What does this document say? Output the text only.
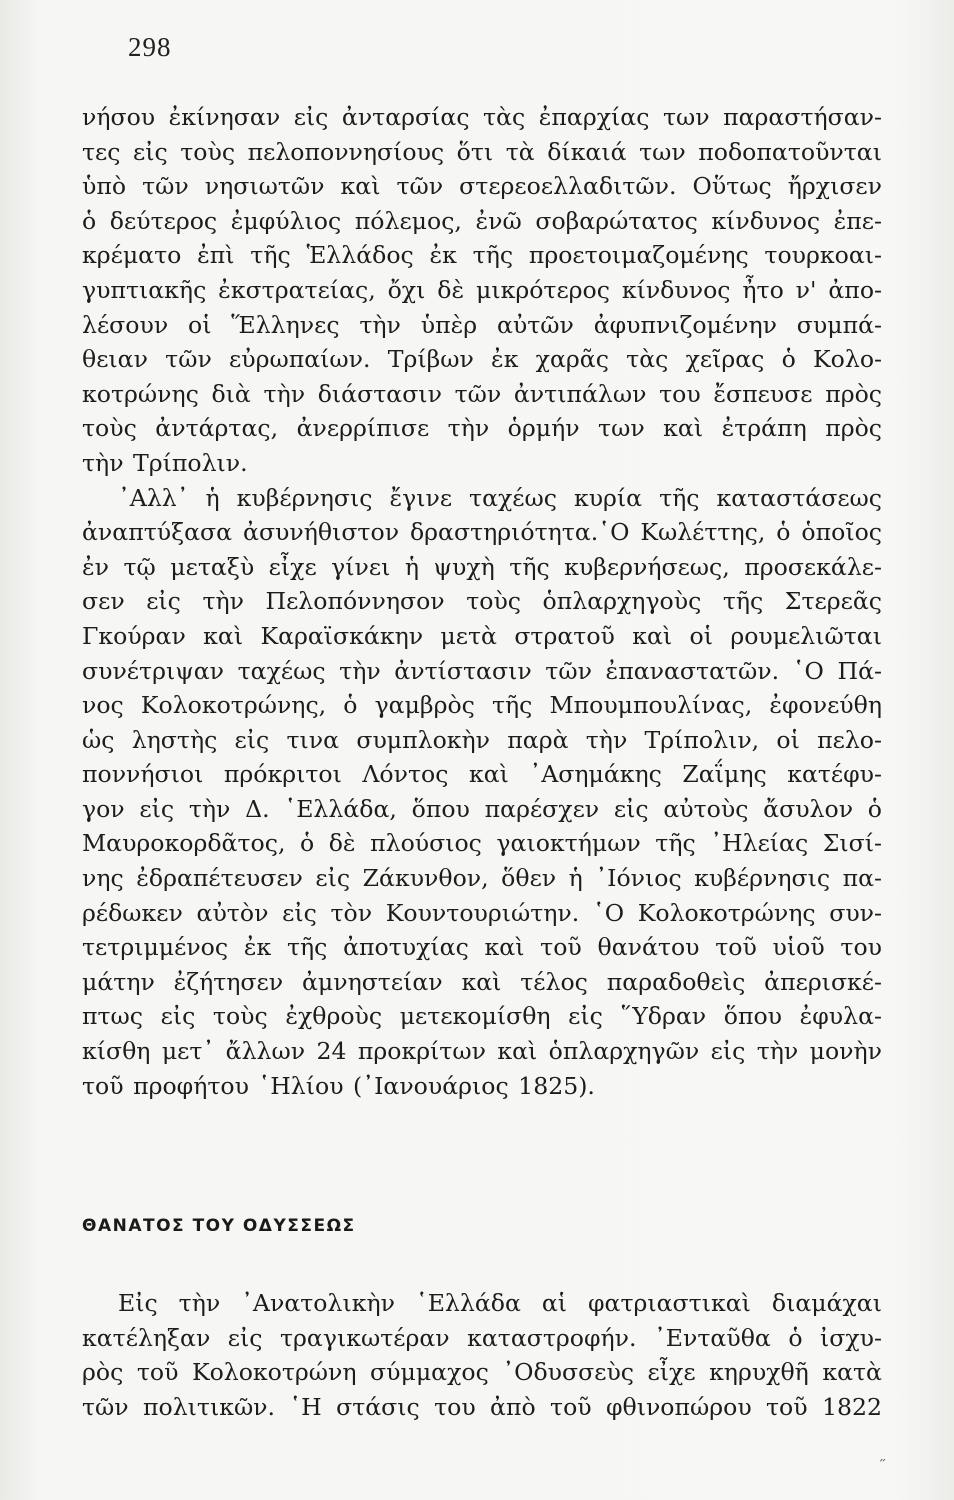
298
νήσου ἐκίνησαν εἰς ἀνταρσίας τὰς ἐπαρχίας των παραστήσαν-
τες εἰς τοὺς πελοποννησίους ὅτι τὰ δίκαιά των ποδοπατοῦνται
ὑπὸ τῶν νησιωτῶν καὶ τῶν στερεοελλαδιτῶν. Οὕτως ἤρχισεν
ὁ δεύτερος ἐμφύλιος πόλεμος, ἐνῶ σοβαρώτατος κίνδυνος ἐπε-
κρέματο ἐπὶ τῆς Ἑλλάδος ἐκ τῆς προετοιμαζομένης τουρκοαι-
γυπτιακῆς ἐκστρατείας, ὄχι δὲ μικρότερος κίνδυνος ἦτο ν' ἀπο-
λέσουν οἱ Ἕλληνες τὴν ὑπὲρ αὐτῶν ἀφυπνιζομένην συμπά-
θειαν τῶν εὐρωπαίων. Τρίβων ἐκ χαρᾶς τὰς χεῖρας ὁ Κολο-
κοτρώνης διὰ τὴν διάστασιν τῶν ἀντιπάλων του ἔσπευσε πρὸς
τοὺς ἀντάρτας, ἀνερρίπισε τὴν ὁρμήν των καὶ ἐτράπη πρὸς
τὴν Τρίπολιν.
᾿Αλλ᾿ ἡ κυβέρνησις ἔγινε ταχέως κυρία τῆς καταστάσεως
ἀναπτύξασα ἀσυνήθιστον δραστηριότητα.῾Ο Κωλέττης, ὁ ὁποῖος
ἐν τῷ μεταξὺ εἶχε γίνει ἡ ψυχὴ τῆς κυβερνήσεως, προσεκάλε-
σεν εἰς τὴν Πελοπόννησον τοὺς ὁπλαρχηγοὺς τῆς Στερεᾶς
Γκούραν καὶ Καραϊσκάκην μετὰ στρατοῦ καὶ οἱ ρουμελιῶται
συνέτριψαν ταχέως τὴν ἀντίστασιν τῶν ἐπαναστατῶν. ῾Ο Πά-
νος Κολοκοτρώνης, ὁ γαμβρὸς τῆς Μπουμπουλίνας, ἐφονεύθη
ὡς ληστὴς εἰς τινα συμπλοκὴν παρὰ τὴν Τρίπολιν, οἱ πελο-
ποννήσιοι πρόκριτοι Λόντος καὶ ᾿Ασημάκης Ζαΐμης κατέφυ-
γον εἰς τὴν Δ. ῾Ελλάδα, ὅπου παρέσχεν εἰς αὐτοὺς ἄσυλον ὁ
Μαυροκορδᾶτος, ὁ δὲ πλούσιος γαιοκτήμων τῆς ᾿Ηλείας Σισί-
νης ἐδραπέτευσεν εἰς Ζάκυνθον, ὅθεν ἡ ᾿Ιόνιος κυβέρνησις πα-
ρέδωκεν αὐτὸν εἰς τὸν Κουντουριώτην. ῾Ο Κολοκοτρώνης συν-
τετριμμένος ἐκ τῆς ἀποτυχίας καὶ τοῦ θανάτου τοῦ υἱοῦ του
μάτην ἐζήτησεν ἀμνηστείαν καὶ τέλος παραδοθεὶς ἀπερισκέ-
πτως εἰς τοὺς ἐχθροὺς μετεκομίσθη εἰς ῞Υδραν ὅπου ἐφυλα-
κίσθη μετ᾿ ἄλλων 24 προκρίτων καὶ ὁπλαρχηγῶν εἰς τὴν μονὴν
τοῦ προφήτου ῾Ηλίου (᾿Ιανουάριος 1825).
ΘΑΝΑΤΟΣ ΤΟΥ ΟΔΥΣΣΕΩΣ
Εἰς τὴν ᾿Ανατολικὴν ῾Ελλάδα αἱ φατριαστικαὶ διαμάχαι
κατέληξαν εἰς τραγικωτέραν καταστροφήν. ᾿Ενταῦθα ὁ ἰσχυ-
ρὸς τοῦ Κολοκοτρώνη σύμμαχος ᾿Οδυσσεὺς εἶχε κηρυχθῆ κατὰ
τῶν πολιτικῶν. ῾Η στάσις του ἀπὸ τοῦ φθινοπώρου τοῦ 1822
˶
